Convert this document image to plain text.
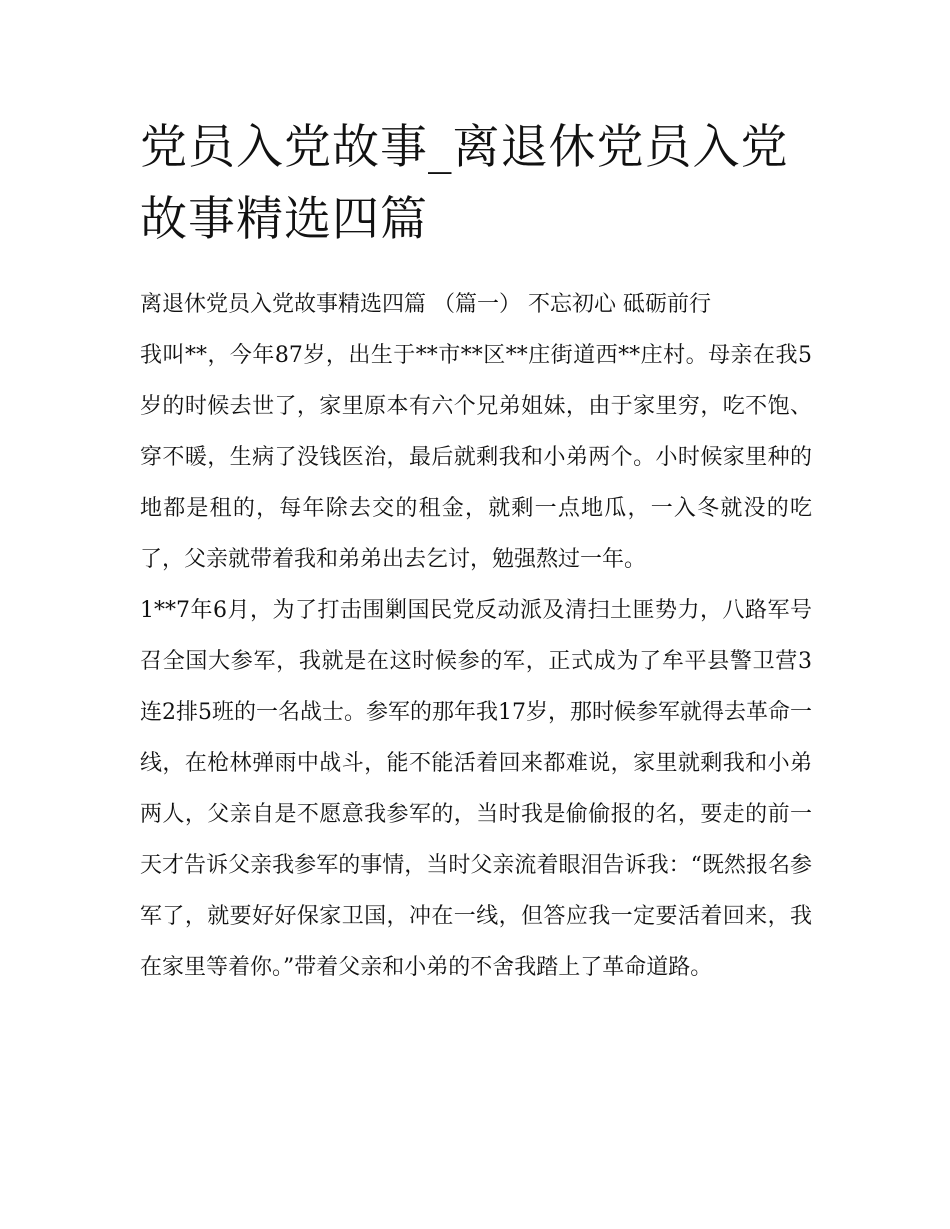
党员入党故事_离退休党员入党故事精选四篇

离退休党员入党故事精选四篇 （篇一） 不忘初心 砥砺前行

我叫**，今年87岁，出生于**市**区**庄街道西**庄村。母亲在我5岁的时候去世了，家里原本有六个兄弟姐妹，由于家里穷，吃不饱、穿不暖，生病了没钱医治，最后就剩我和小弟两个。小时候家里种的地都是租的，每年除去交的租金，就剩一点地瓜，一入冬就没的吃了，父亲就带着我和弟弟出去乞讨，勉强熬过一年。

1**7年6月，为了打击围剿国民党反动派及清扫土匪势力，八路军号召全国大参军，我就是在这时候参的军，正式成为了牟平县警卫营3连2排5班的一名战士。参军的那年我17岁，那时候参军就得去革命一线，在枪林弹雨中战斗，能不能活着回来都难说，家里就剩我和小弟两人，父亲自是不愿意我参军的，当时我是偷偷报的名，要走的前一天才告诉父亲我参军的事情，当时父亲流着眼泪告诉我：“既然报名参军了，就要好好保家卫国，冲在一线，但答应我一定要活着回来，我在家里等着你。”带着父亲和小弟的不舍我踏上了革命道路。
